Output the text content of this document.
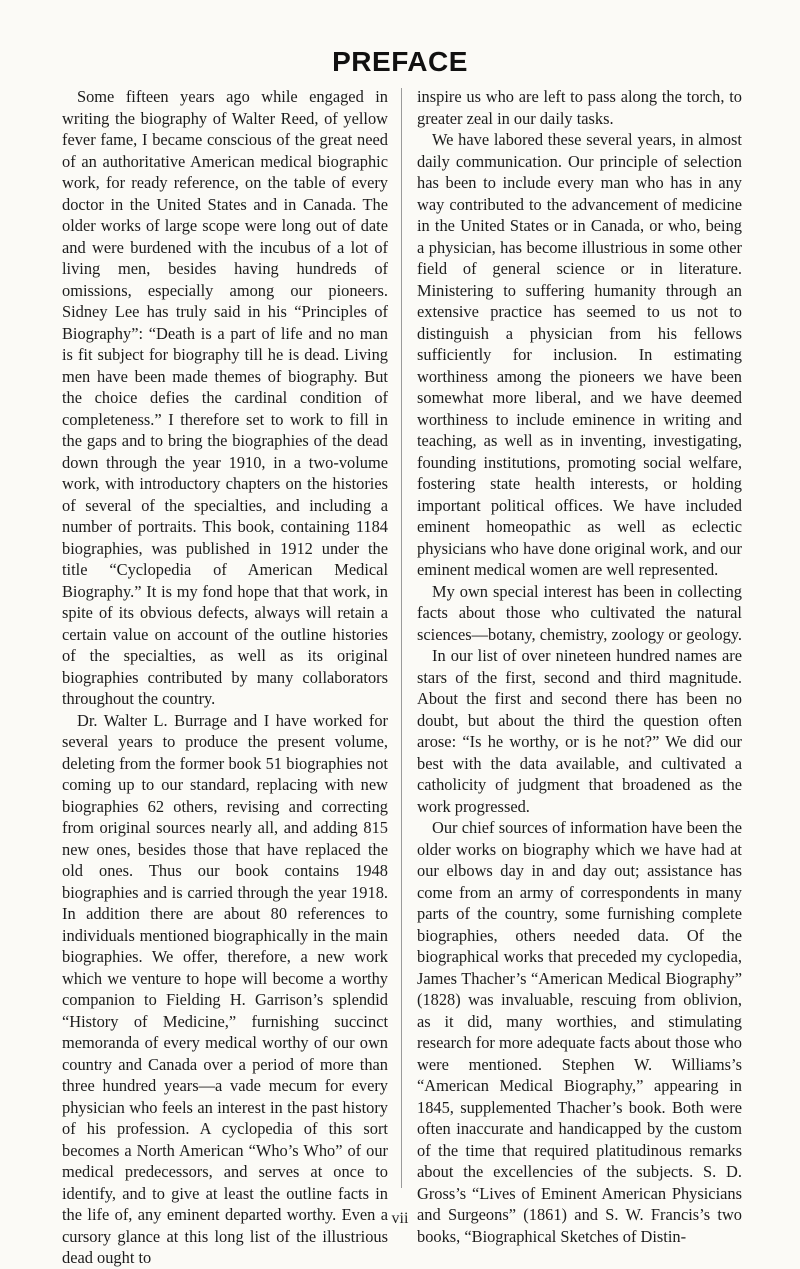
PREFACE

Some fifteen years ago while engaged in writing the biography of Walter Reed, of yellow fever fame, I became conscious of the great need of an authoritative American medical biographic work, for ready reference, on the table of every doctor in the United States and in Canada. The older works of large scope were long out of date and were burdened with the incubus of a lot of living men, besides having hundreds of omissions, especially among our pioneers. Sidney Lee has truly said in his “Principles of Biography”: “Death is a part of life and no man is fit subject for biography till he is dead. Living men have been made themes of biography. But the choice defies the cardinal condition of completeness.” I therefore set to work to fill in the gaps and to bring the biographies of the dead down through the year 1910, in a two-volume work, with introductory chapters on the histories of several of the specialties, and including a number of portraits. This book, containing 1184 biographies, was published in 1912 under the title “Cyclopedia of American Medical Biography.” It is my fond hope that that work, in spite of its obvious defects, always will retain a certain value on account of the outline histories of the specialties, as well as its original biographies contributed by many collaborators throughout the country.

Dr. Walter L. Burrage and I have worked for several years to produce the present volume, deleting from the former book 51 biographies not coming up to our standard, replacing with new biographies 62 others, revising and correcting from original sources nearly all, and adding 815 new ones, besides those that have replaced the old ones. Thus our book contains 1948 biographies and is carried through the year 1918. In addition there are about 80 references to individuals mentioned biographically in the main biographies. We offer, therefore, a new work which we venture to hope will become a worthy companion to Fielding H. Garrison’s splendid “History of Medicine,” furnishing succinct memoranda of every medical worthy of our own country and Canada over a period of more than three hundred years—a vade mecum for every physician who feels an interest in the past history of his profession. A cyclopedia of this sort becomes a North American “Who’s Who” of our medical predecessors, and serves at once to identify, and to give at least the outline facts in the life of, any eminent departed worthy. Even a cursory glance at this long list of the illustrious dead ought to

inspire us who are left to pass along the torch, to greater zeal in our daily tasks.

We have labored these several years, in almost daily communication. Our principle of selection has been to include every man who has in any way contributed to the advancement of medicine in the United States or in Canada, or who, being a physician, has become illustrious in some other field of general science or in literature. Ministering to suffering humanity through an extensive practice has seemed to us not to distinguish a physician from his fellows sufficiently for inclusion. In estimating worthiness among the pioneers we have been somewhat more liberal, and we have deemed worthiness to include eminence in writing and teaching, as well as in inventing, investigating, founding institutions, promoting social welfare, fostering state health interests, or holding important political offices. We have included eminent homeopathic as well as eclectic physicians who have done original work, and our eminent medical women are well represented.

My own special interest has been in collecting facts about those who cultivated the natural sciences—botany, chemistry, zoology or geology.

In our list of over nineteen hundred names are stars of the first, second and third magnitude. About the first and second there has been no doubt, but about the third the question often arose: “Is he worthy, or is he not?” We did our best with the data available, and cultivated a catholicity of judgment that broadened as the work progressed.

Our chief sources of information have been the older works on biography which we have had at our elbows day in and day out; assistance has come from an army of correspondents in many parts of the country, some furnishing complete biographies, others needed data. Of the biographical works that preceded my cyclopedia, James Thacher’s “American Medical Biography” (1828) was invaluable, rescuing from oblivion, as it did, many worthies, and stimulating research for more adequate facts about those who were mentioned. Stephen W. Williams’s “American Medical Biography,” appearing in 1845, supplemented Thacher’s book. Both were often inaccurate and handicapped by the custom of the time that required platitudinous remarks about the excellencies of the subjects. S. D. Gross’s “Lives of Eminent American Physicians and Surgeons” (1861) and S. W. Francis’s two books, “Biographical Sketches of Distin-

vii
